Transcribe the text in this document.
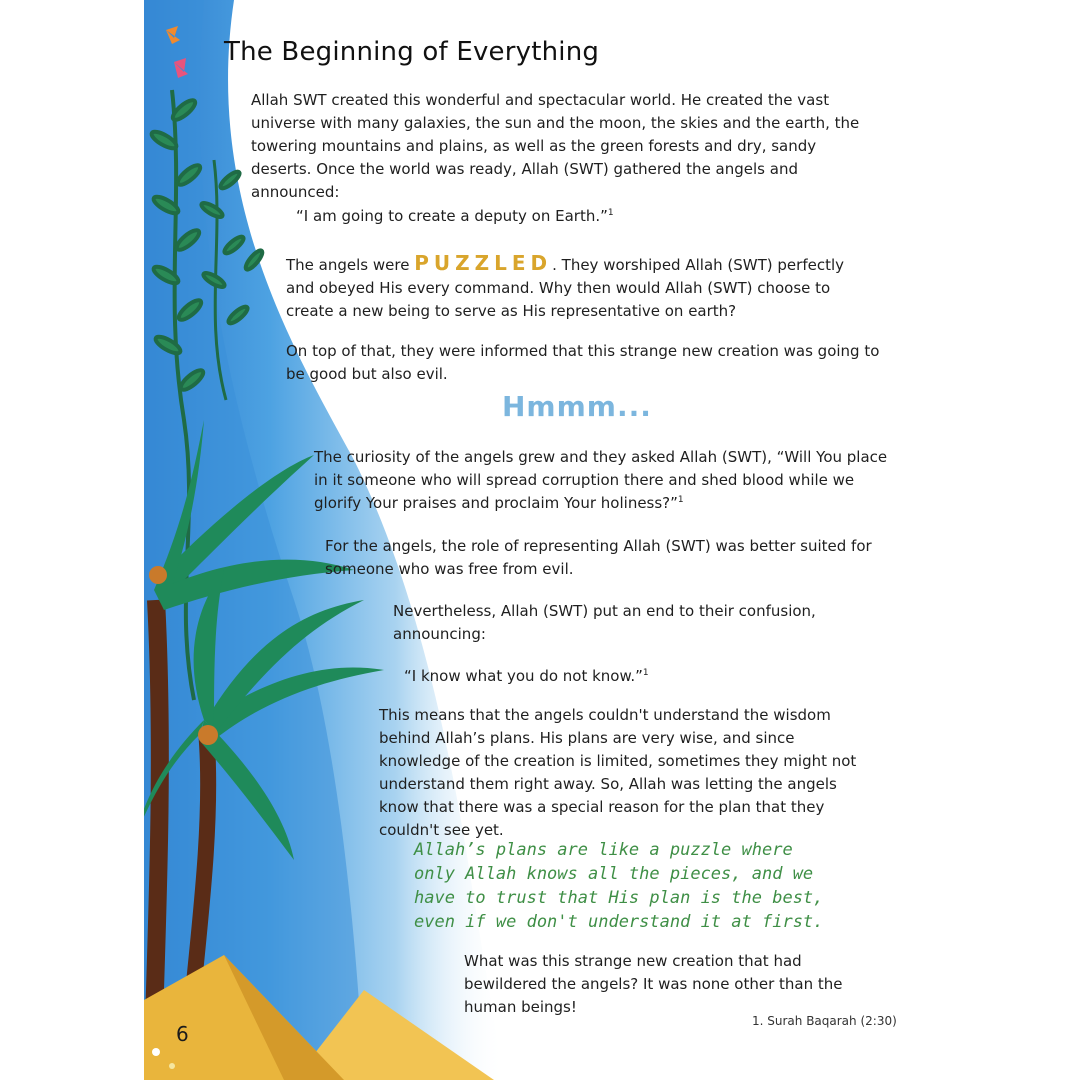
The Beginning of Everything
Allah SWT created this wonderful and spectacular world. He created the vast universe with many galaxies, the sun and the moon, the skies and the earth, the towering mountains and plains, as well as the green forests and dry, sandy deserts. Once the world was ready, Allah (SWT) gathered the angels and announced:
“I am going to create a deputy on Earth.”$^1$
The angels were PUZZLED. They worshiped Allah (SWT) perfectly and obeyed His every command. Why then would Allah (SWT) choose to create a new being to serve as His representative on earth?
On top of that, they were informed that this strange new creation was going to be good but also evil.
Hmmm...
The curiosity of the angels grew and they asked Allah (SWT), “Will You place in it someone who will spread corruption there and shed blood while we glorify Your praises and proclaim Your holiness?”$^1$
For the angels, the role of representing Allah (SWT) was better suited for someone who was free from evil.
Nevertheless, Allah (SWT) put an end to their confusion, announcing:
“I know what you do not know.”$^1$
This means that the angels couldn't understand the wisdom behind Allah’s plans. His plans are very wise, and since knowledge of the creation is limited, sometimes they might not understand them right away. So, Allah was letting the angels know that there was a special reason for the plan that they couldn't see yet.
Allah’s plans are like a puzzle where only Allah knows all the pieces, and we have to trust that His plan is the best, even if we don't understand it at first.
What was this strange new creation that had bewildered the angels? It was none other than the human beings!
6
1. Surah Baqarah (2:30)
